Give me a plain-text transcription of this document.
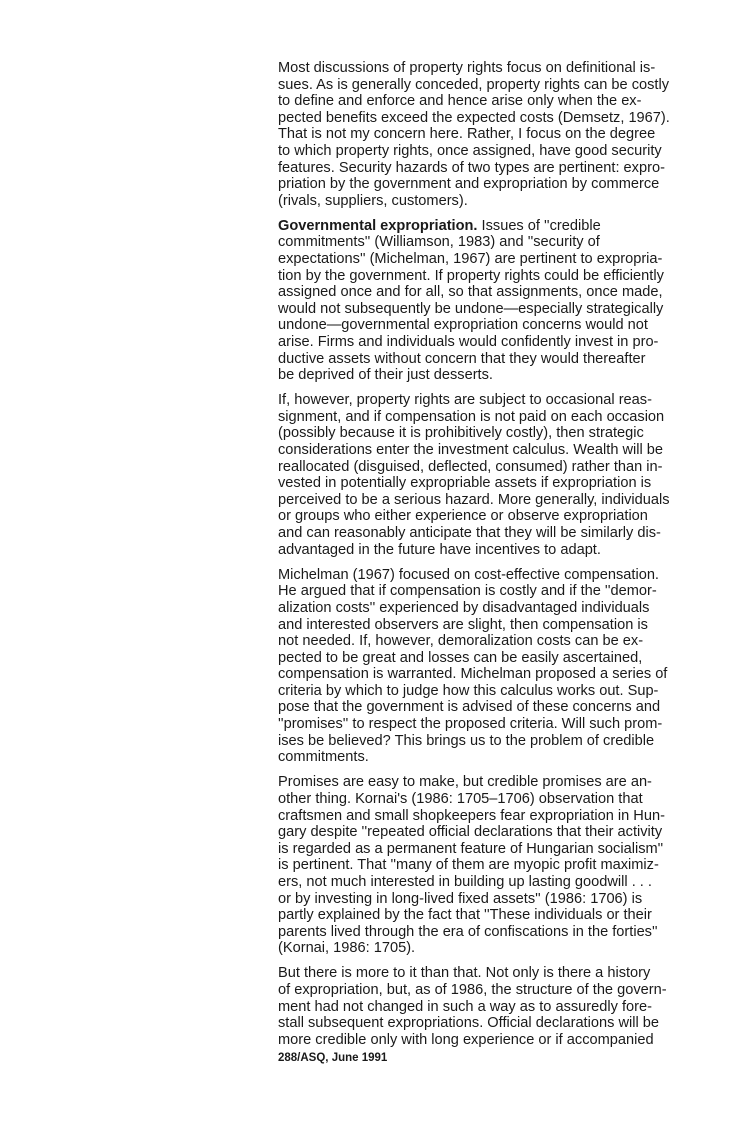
Most discussions of property rights focus on definitional is-
sues. As is generally conceded, property rights can be costly
to define and enforce and hence arise only when the ex-
pected benefits exceed the expected costs (Demsetz, 1967).
That is not my concern here. Rather, I focus on the degree
to which property rights, once assigned, have good security
features. Security hazards of two types are pertinent: expro-
priation by the government and expropriation by commerce
(rivals, suppliers, customers).

Governmental expropriation. Issues of ''credible
commitments'' (Williamson, 1983) and ''security of
expectations'' (Michelman, 1967) are pertinent to expropria-
tion by the government. If property rights could be efficiently
assigned once and for all, so that assignments, once made,
would not subsequently be undone—especially strategically
undone—governmental expropriation concerns would not
arise. Firms and individuals would confidently invest in pro-
ductive assets without concern that they would thereafter
be deprived of their just desserts.

If, however, property rights are subject to occasional reas-
signment, and if compensation is not paid on each occasion
(possibly because it is prohibitively costly), then strategic
considerations enter the investment calculus. Wealth will be
reallocated (disguised, deflected, consumed) rather than in-
vested in potentially expropriable assets if expropriation is
perceived to be a serious hazard. More generally, individuals
or groups who either experience or observe expropriation
and can reasonably anticipate that they will be similarly dis-
advantaged in the future have incentives to adapt.

Michelman (1967) focused on cost-effective compensation.
He argued that if compensation is costly and if the ''demor-
alization costs'' experienced by disadvantaged individuals
and interested observers are slight, then compensation is
not needed. If, however, demoralization costs can be ex-
pected to be great and losses can be easily ascertained,
compensation is warranted. Michelman proposed a series of
criteria by which to judge how this calculus works out. Sup-
pose that the government is advised of these concerns and
''promises'' to respect the proposed criteria. Will such prom-
ises be believed? This brings us to the problem of credible
commitments.

Promises are easy to make, but credible promises are an-
other thing. Kornai's (1986: 1705–1706) observation that
craftsmen and small shopkeepers fear expropriation in Hun-
gary despite ''repeated official declarations that their activity
is regarded as a permanent feature of Hungarian socialism''
is pertinent. That ''many of them are myopic profit maximiz-
ers, not much interested in building up lasting goodwill . . .
or by investing in long-lived fixed assets'' (1986: 1706) is
partly explained by the fact that ''These individuals or their
parents lived through the era of confiscations in the forties''
(Kornai, 1986: 1705).

But there is more to it than that. Not only is there a history
of expropriation, but, as of 1986, the structure of the govern-
ment had not changed in such a way as to assuredly fore-
stall subsequent expropriations. Official declarations will be
more credible only with long experience or if accompanied

288/ASQ, June 1991
